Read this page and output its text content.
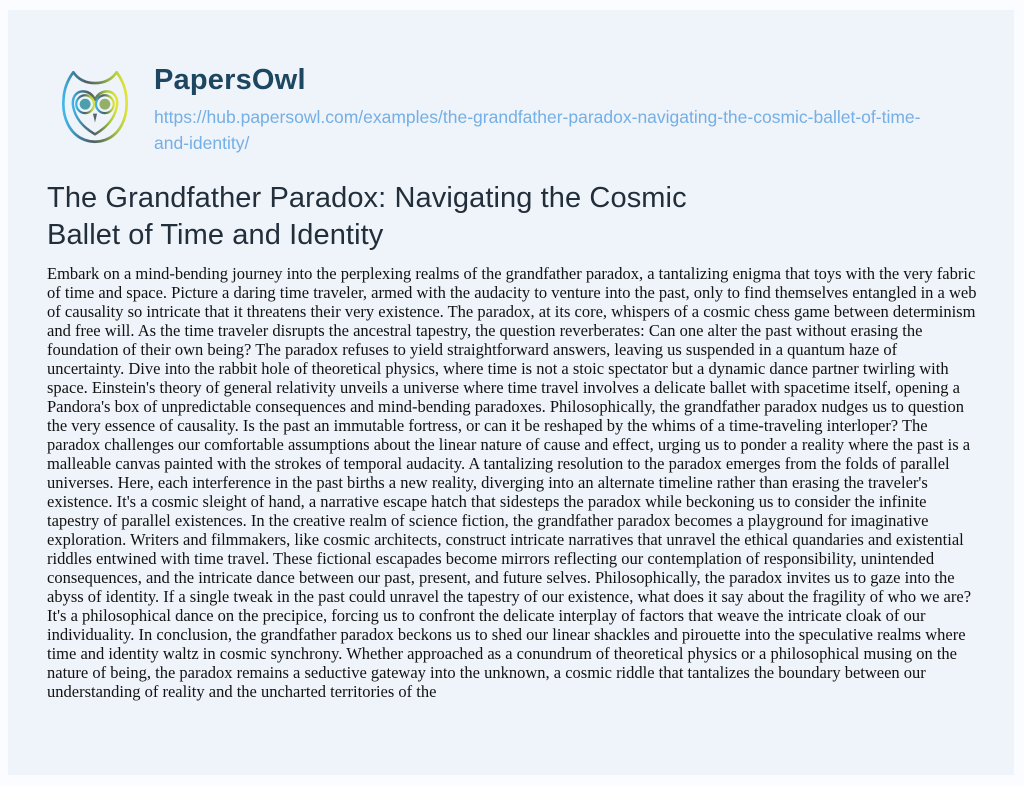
PapersOwl
https://hub.papersowl.com/examples/the-grandfather-paradox-navigating-the-cosmic-ballet-of-time-and-identity/
The Grandfather Paradox: Navigating the Cosmic Ballet of Time and Identity

Embark on a mind-bending journey into the perplexing realms of the grandfather paradox, a tantalizing enigma that toys with the very fabric of time and space. Picture a daring time traveler, armed with the audacity to venture into the past, only to find themselves entangled in a web of causality so intricate that it threatens their very existence. The paradox, at its core, whispers of a cosmic chess game between determinism and free will. As the time traveler disrupts the ancestral tapestry, the question reverberates: Can one alter the past without erasing the foundation of their own being? The paradox refuses to yield straightforward answers, leaving us suspended in a quantum haze of uncertainty. Dive into the rabbit hole of theoretical physics, where time is not a stoic spectator but a dynamic dance partner twirling with space. Einstein's theory of general relativity unveils a universe where time travel involves a delicate ballet with spacetime itself, opening a Pandora's box of unpredictable consequences and mind-bending paradoxes. Philosophically, the grandfather paradox nudges us to question the very essence of causality. Is the past an immutable fortress, or can it be reshaped by the whims of a time-traveling interloper? The paradox challenges our comfortable assumptions about the linear nature of cause and effect, urging us to ponder a reality where the past is a malleable canvas painted with the strokes of temporal audacity. A tantalizing resolution to the paradox emerges from the folds of parallel universes. Here, each interference in the past births a new reality, diverging into an alternate timeline rather than erasing the traveler's existence. It's a cosmic sleight of hand, a narrative escape hatch that sidesteps the paradox while beckoning us to consider the infinite tapestry of parallel existences. In the creative realm of science fiction, the grandfather paradox becomes a playground for imaginative exploration. Writers and filmmakers, like cosmic architects, construct intricate narratives that unravel the ethical quandaries and existential riddles entwined with time travel. These fictional escapades become mirrors reflecting our contemplation of responsibility, unintended consequences, and the intricate dance between our past, present, and future selves. Philosophically, the paradox invites us to gaze into the abyss of identity. If a single tweak in the past could unravel the tapestry of our existence, what does it say about the fragility of who we are? It's a philosophical dance on the precipice, forcing us to confront the delicate interplay of factors that weave the intricate cloak of our individuality. In conclusion, the grandfather paradox beckons us to shed our linear shackles and pirouette into the speculative realms where time and identity waltz in cosmic synchrony. Whether approached as a conundrum of theoretical physics or a philosophical musing on the nature of being, the paradox remains a seductive gateway into the unknown, a cosmic riddle that tantalizes the boundary between our understanding of reality and the uncharted territories of the
